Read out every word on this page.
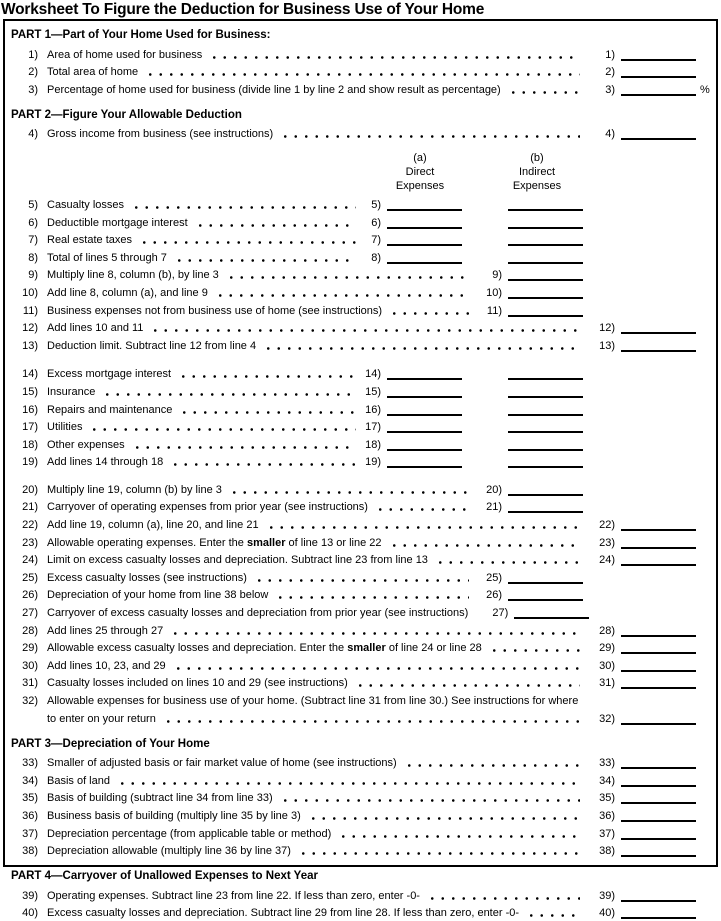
Worksheet To Figure the Deduction for Business Use of Your Home
PART 1—Part of Your Home Used for Business:
1) Area of home used for business	1)
2) Total area of home	2)
3) Percentage of home used for business (divide line 1 by line 2 and show result as percentage)	3)	%
PART 2—Figure Your Allowable Deduction
4) Gross income from business (see instructions)	4)
(a)
Direct
Expenses
(b)
Indirect
Expenses
5) Casualty losses	5)
6) Deductible mortgage interest	6)
7) Real estate taxes	7)
8) Total of lines 5 through 7	8)
9) Multiply line 8, column (b), by line 3	9)
10) Add line 8, column (a), and line 9	10)
11) Business expenses not from business use of home (see instructions)	11)
12) Add lines 10 and 11	12)
13) Deduction limit. Subtract line 12 from line 4	13)
14) Excess mortgage interest	14)
15) Insurance	15)
16) Repairs and maintenance	16)
17) Utilities	17)
18) Other expenses	18)
19) Add lines 14 through 18	19)
20) Multiply line 19, column (b) by line 3	20)
21) Carryover of operating expenses from prior year (see instructions)	21)
22) Add line 19, column (a), line 20, and line 21	22)
23) Allowable operating expenses. Enter the smaller of line 13 or line 22	23)
24) Limit on excess casualty losses and depreciation. Subtract line 23 from line 13	24)
25) Excess casualty losses (see instructions)	25)
26) Depreciation of your home from line 38 below	26)
27) Carryover of excess casualty losses and depreciation from prior year (see instructions)	27)
28) Add lines 25 through 27	28)
29) Allowable excess casualty losses and depreciation. Enter the smaller of line 24 or line 28	29)
30) Add lines 10, 23, and 29	30)
31) Casualty losses included on lines 10 and 29 (see instructions)	31)
32) Allowable expenses for business use of your home. (Subtract line 31 from line 30.) See instructions for where
to enter on your return	32)
PART 3—Depreciation of Your Home
33) Smaller of adjusted basis or fair market value of home (see instructions)	33)
34) Basis of land	34)
35) Basis of building (subtract line 34 from line 33)	35)
36) Business basis of building (multiply line 35 by line 3)	36)
37) Depreciation percentage (from applicable table or method)	37)
38) Depreciation allowable (multiply line 36 by line 37)	38)
PART 4—Carryover of Unallowed Expenses to Next Year
39) Operating expenses. Subtract line 23 from line 22. If less than zero, enter -0-	39)
40) Excess casualty losses and depreciation. Subtract line 29 from line 28. If less than zero, enter -0-	40)
